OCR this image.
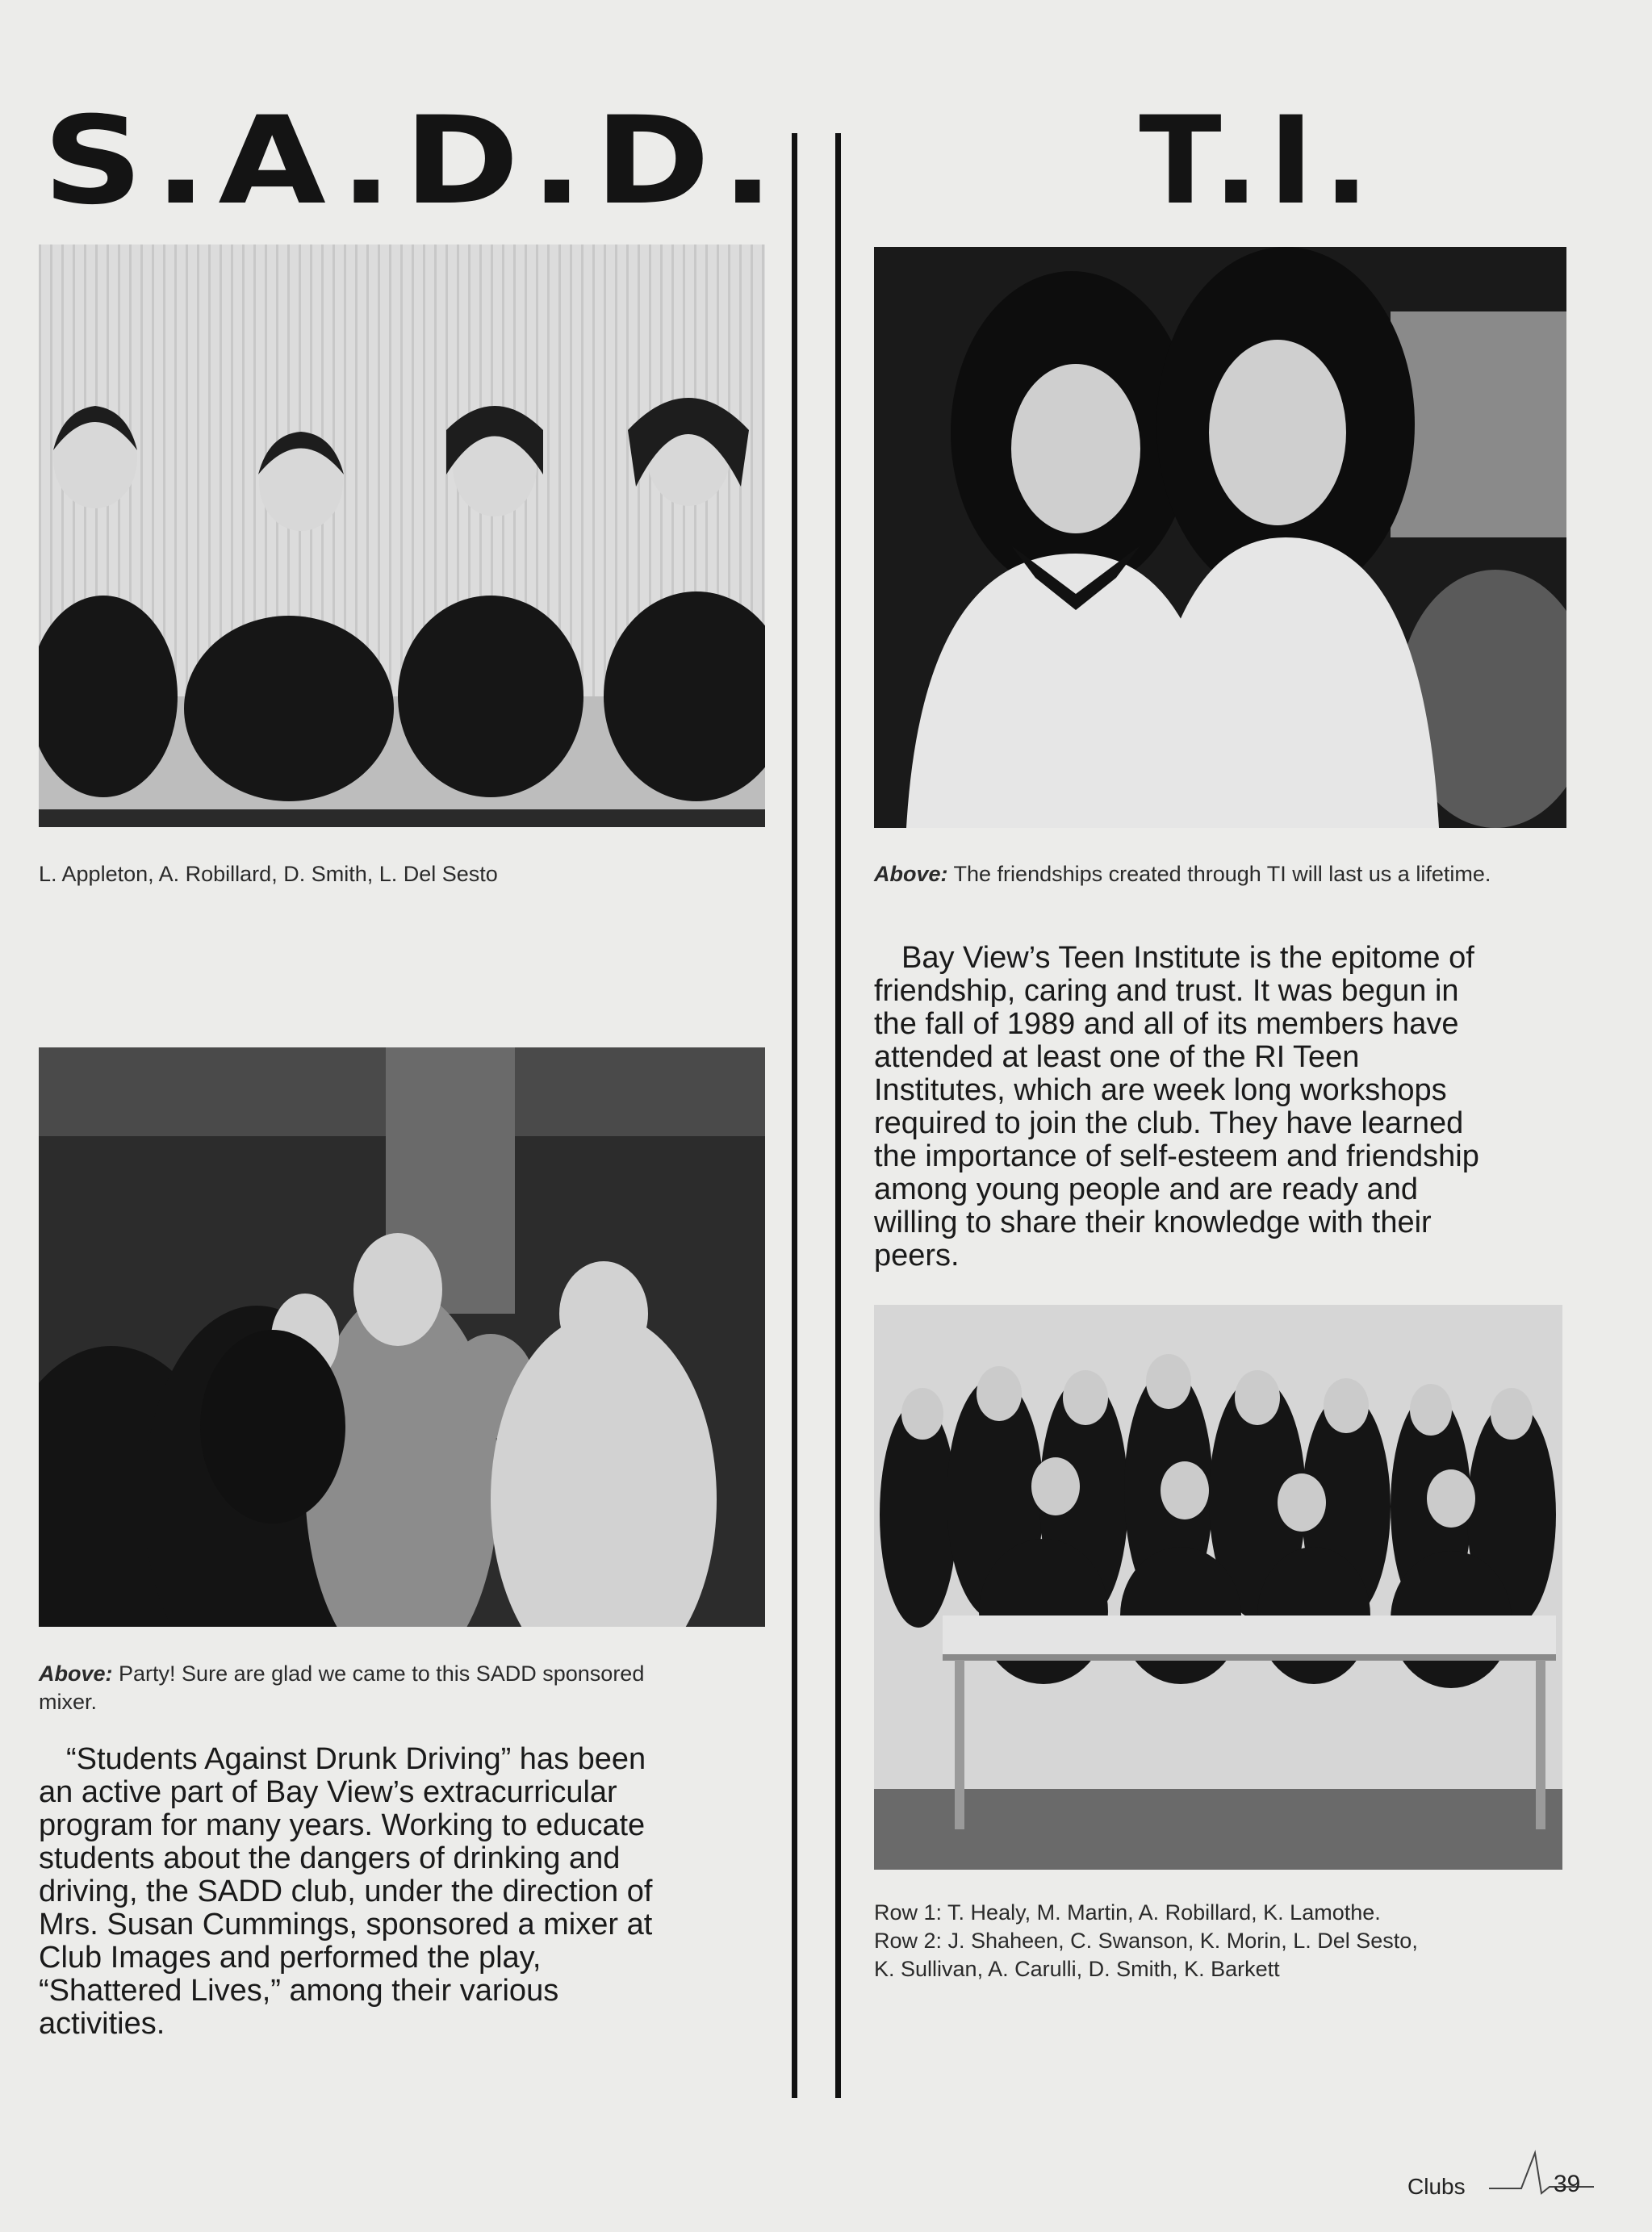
S.A.D.D.	T.I.

L. Appleton, A. Robillard, D. Smith, L. Del Sesto

Above: Party! Sure are glad we came to this SADD sponsored mixer.

“Students Against Drunk Driving” has been
an active part of Bay View’s extracurricular
program for many years. Working to educate
students about the dangers of drinking and
driving, the SADD club, under the direction of
Mrs. Susan Cummings, sponsored a mixer at
Club Images and performed the play,
“Shattered Lives,” among their various
activities.

Above: The friendships created through TI will last us a lifetime.

Bay View’s Teen Institute is the epitome of
friendship, caring and trust. It was begun in
the fall of 1989 and all of its members have
attended at least one of the RI Teen
Institutes, which are week long workshops
required to join the club. They have learned
the importance of self-esteem and friendship
among young people and are ready and
willing to share their knowledge with their
peers.
Row 1: T. Healy, M. Martin, A. Robillard, K. Lamothe.
Row 2: J. Shaheen, C. Swanson, K. Morin, L. Del Sesto,
K. Sullivan, A. Carulli, D. Smith, K. Barkett
Clubs	39
